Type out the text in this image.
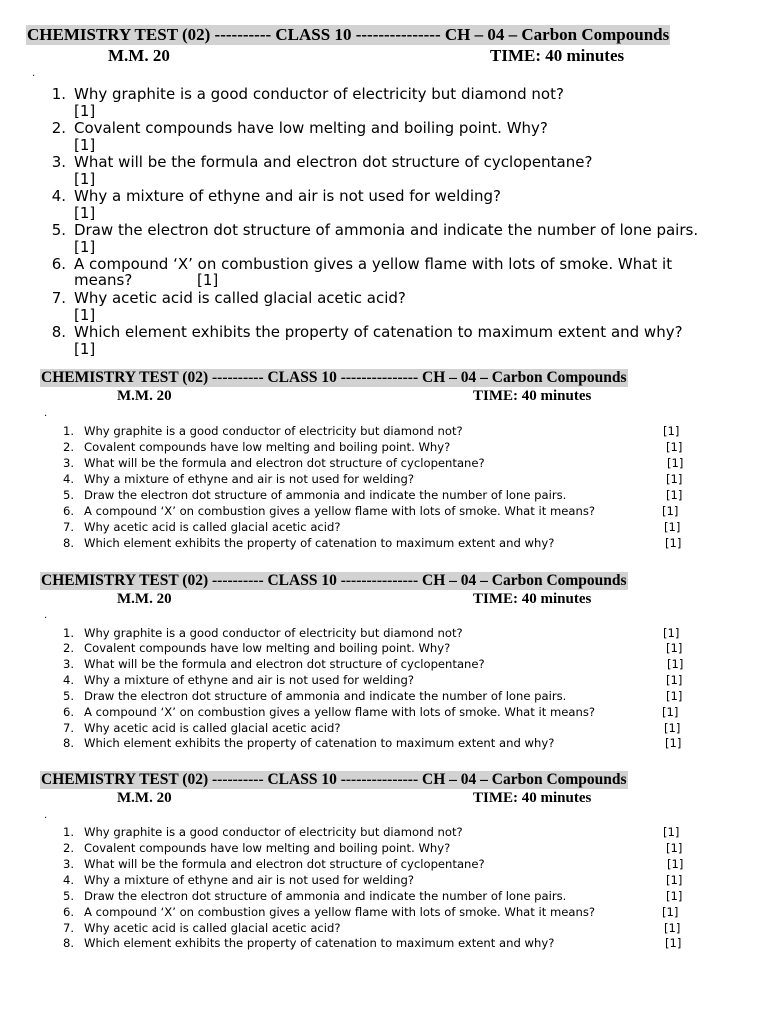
CHEMISTRY TEST (02) ---------- CLASS 10 --------------- CH – 04 – Carbon Compounds
M.M. 20	TIME: 40 minutes
.
1. Why graphite is a good conductor of electricity but diamond not?
[1]
2. Covalent compounds have low melting and boiling point. Why?
[1]
3. What will be the formula and electron dot structure of cyclopentane?
[1]
4. Why a mixture of ethyne and air is not used for welding?
[1]
5. Draw the electron dot structure of ammonia and indicate the number of lone pairs.
[1]
6. A compound ‘X’ on combustion gives a yellow flame with lots of smoke. What it
means?	[1]
7. Why acetic acid is called glacial acetic acid?
[1]
8. Which element exhibits the property of catenation to maximum extent and why?
[1]
CHEMISTRY TEST (02) ---------- CLASS 10 --------------- CH – 04 – Carbon Compounds
M.M. 20	TIME: 40 minutes
.
1. Why graphite is a good conductor of electricity but diamond not?	[1]
2. Covalent compounds have low melting and boiling point. Why?	[1]
3. What will be the formula and electron dot structure of cyclopentane?	[1]
4. Why a mixture of ethyne and air is not used for welding?	[1]
5. Draw the electron dot structure of ammonia and indicate the number of lone pairs.	[1]
6. A compound ‘X’ on combustion gives a yellow flame with lots of smoke. What it means?	[1]
7. Why acetic acid is called glacial acetic acid?	[1]
8. Which element exhibits the property of catenation to maximum extent and why?	[1]
CHEMISTRY TEST (02) ---------- CLASS 10 --------------- CH – 04 – Carbon Compounds
M.M. 20	TIME: 40 minutes
.
1. Why graphite is a good conductor of electricity but diamond not?	[1]
2. Covalent compounds have low melting and boiling point. Why?	[1]
3. What will be the formula and electron dot structure of cyclopentane?	[1]
4. Why a mixture of ethyne and air is not used for welding?	[1]
5. Draw the electron dot structure of ammonia and indicate the number of lone pairs.	[1]
6. A compound ‘X’ on combustion gives a yellow flame with lots of smoke. What it means?	[1]
7. Why acetic acid is called glacial acetic acid?	[1]
8. Which element exhibits the property of catenation to maximum extent and why?	[1]
CHEMISTRY TEST (02) ---------- CLASS 10 --------------- CH – 04 – Carbon Compounds
M.M. 20	TIME: 40 minutes
.
1. Why graphite is a good conductor of electricity but diamond not?	[1]
2. Covalent compounds have low melting and boiling point. Why?	[1]
3. What will be the formula and electron dot structure of cyclopentane?	[1]
4. Why a mixture of ethyne and air is not used for welding?	[1]
5. Draw the electron dot structure of ammonia and indicate the number of lone pairs.	[1]
6. A compound ‘X’ on combustion gives a yellow flame with lots of smoke. What it means?	[1]
7. Why acetic acid is called glacial acetic acid?	[1]
8. Which element exhibits the property of catenation to maximum extent and why?	[1]
